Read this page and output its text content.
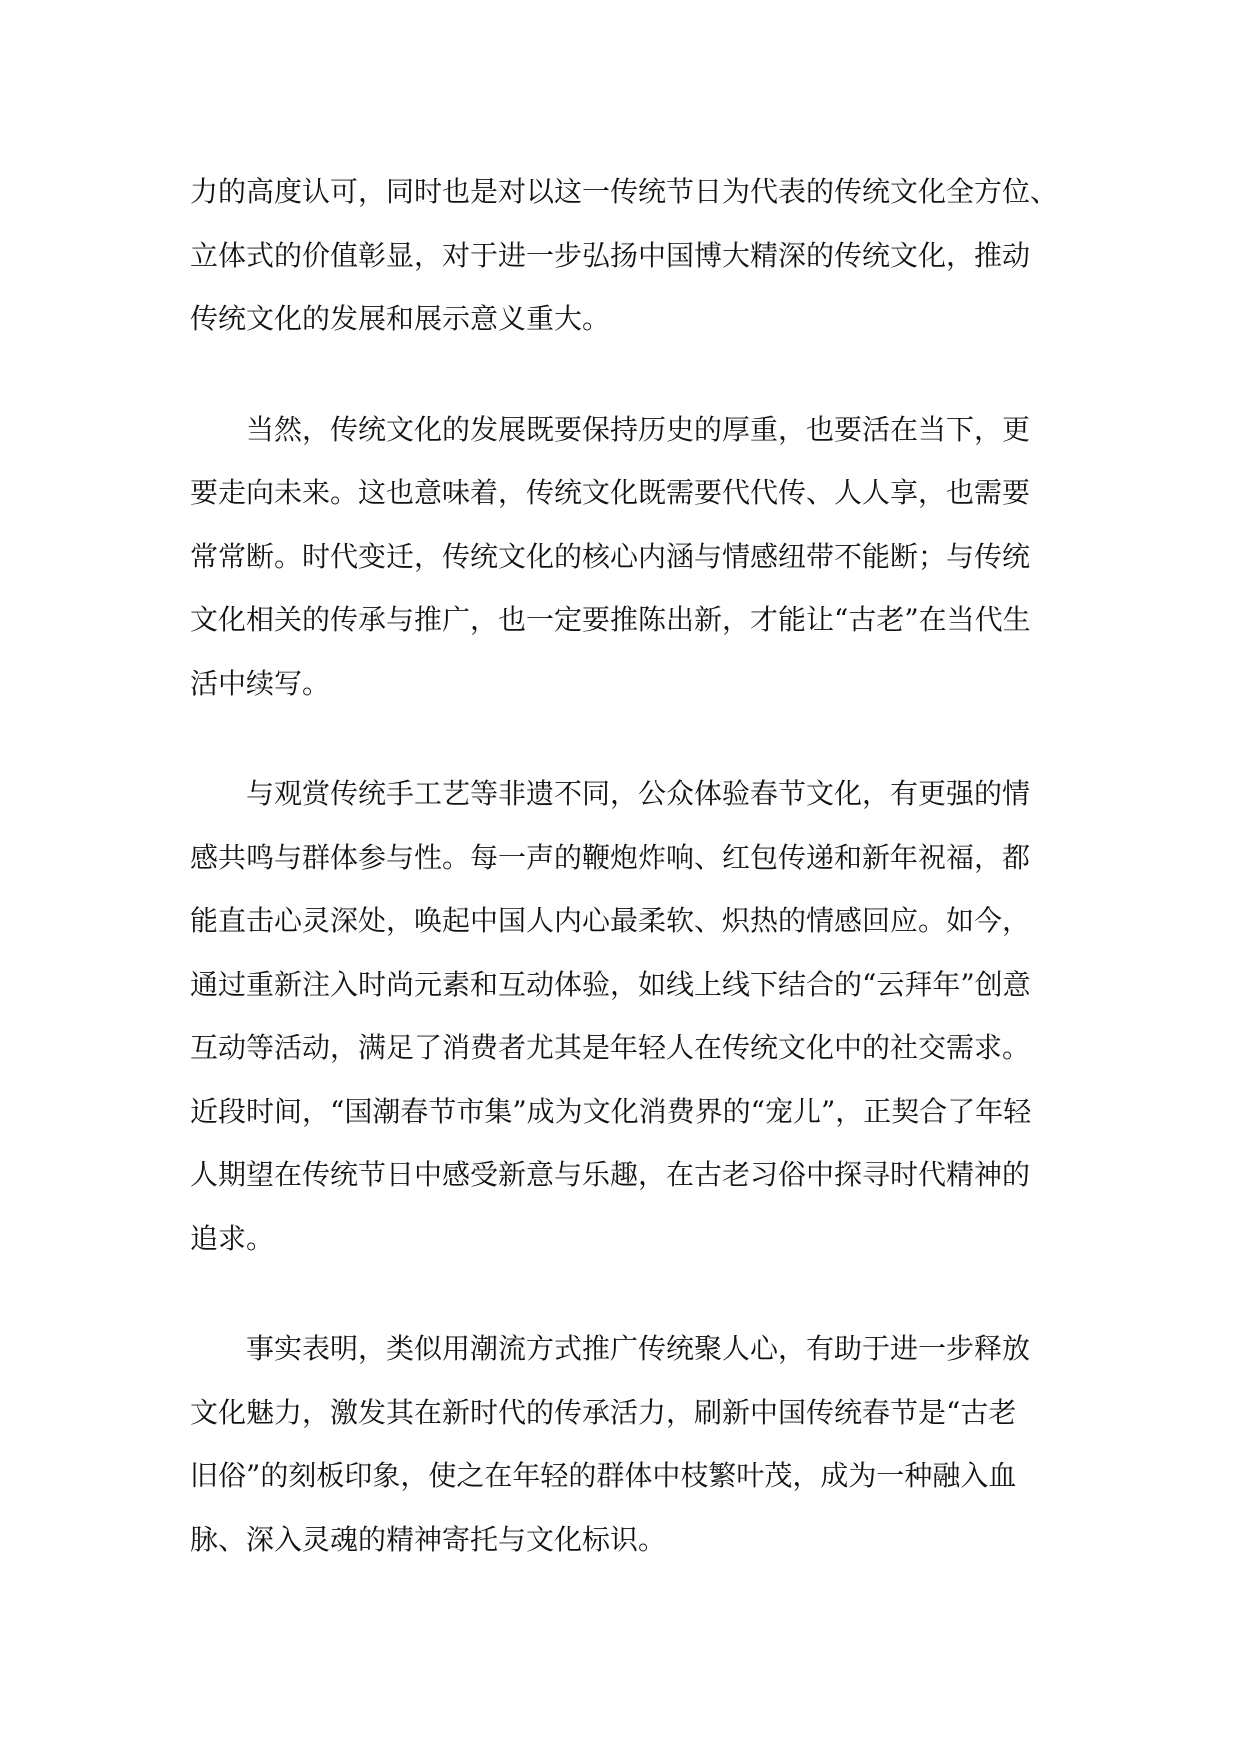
力的高度认可，同时也是对以这一传统节日为代表的传统文化全方位、
立体式的价值彰显，对于进一步弘扬中国博大精深的传统文化，推动
传统文化的发展和展示意义重大。

当然，传统文化的发展既要保持历史的厚重，也要活在当下，更
要走向未来。这也意味着，传统文化既需要代代传、人人享，也需要
常常断。时代变迁，传统文化的核心内涵与情感纽带不能断；与传统
文化相关的传承与推广，也一定要推陈出新，才能让“古老”在当代生
活中续写。

与观赏传统手工艺等非遗不同，公众体验春节文化，有更强的情
感共鸣与群体参与性。每一声的鞭炮炸响、红包传递和新年祝福，都
能直击心灵深处，唤起中国人内心最柔软、炽热的情感回应。如今，
通过重新注入时尚元素和互动体验，如线上线下结合的“云拜年”创意
互动等活动，满足了消费者尤其是年轻人在传统文化中的社交需求。
近段时间，“国潮春节市集”成为文化消费界的“宠儿”，正契合了年轻
人期望在传统节日中感受新意与乐趣，在古老习俗中探寻时代精神的
追求。

事实表明，类似用潮流方式推广传统聚人心，有助于进一步释放
文化魅力，激发其在新时代的传承活力，刷新中国传统春节是“古老
旧俗”的刻板印象，使之在年轻的群体中枝繁叶茂，成为一种融入血
脉、深入灵魂的精神寄托与文化标识。
